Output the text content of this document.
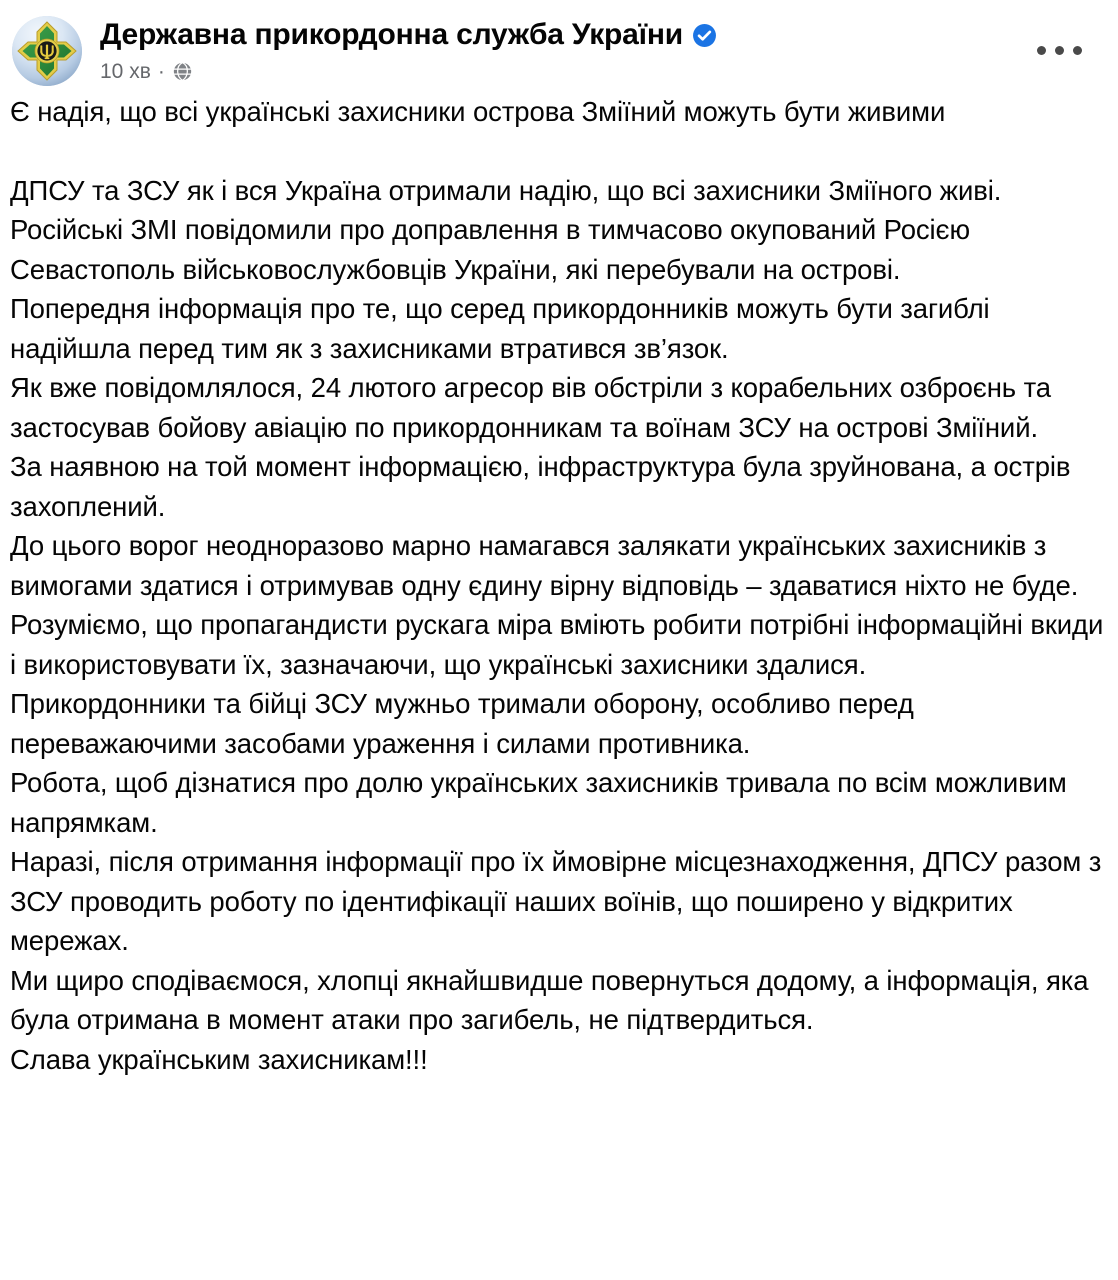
Державна прикордонна служба України
10 хв ·

Є надія, що всі українські захисники острова Зміїний можуть бути живими

ДПСУ та ЗСУ як і вся Україна отримали надію, що всі захисники Зміїного живі.

Російські ЗМІ повідомили про доправлення в тимчасово окупований Росією Севастополь військовослужбовців України, які перебували на острові.

Попередня інформація про те, що серед прикордонників можуть бути загиблі надійшла перед тим як з захисниками втратився зв’язок.

Як вже повідомлялося, 24 лютого агресор вів обстріли з корабельних озброєнь та застосував бойову авіацію по прикордонникам та воїнам ЗСУ на острові Зміїний.

За наявною на той момент інформацією, інфраструктура була зруйнована, а острів захоплений.

До цього ворог неодноразово марно намагався залякати українських захисників з вимогами здатися і отримував одну єдину вірну відповідь – здаватися ніхто не буде.

Розуміємо, що пропагандисти рускага міра вміють робити потрібні інформаційні вкиди і використовувати їх, зазначаючи, що українські захисники здалися.

Прикордонники та бійці ЗСУ мужньо тримали оборону, особливо перед переважаючими засобами ураження і силами противника.

Робота, щоб дізнатися про долю українських захисників тривала по всім можливим напрямкам.

Наразі, після отримання інформації про їх ймовірне місцезнаходження, ДПСУ разом з ЗСУ проводить роботу по ідентифікації наших воїнів, що поширено у відкритих мережах.

Ми щиро сподіваємося, хлопці якнайшвидше повернуться додому, а інформація, яка була отримана в момент атаки про загибель, не підтвердиться.

Слава українським захисникам!!!
